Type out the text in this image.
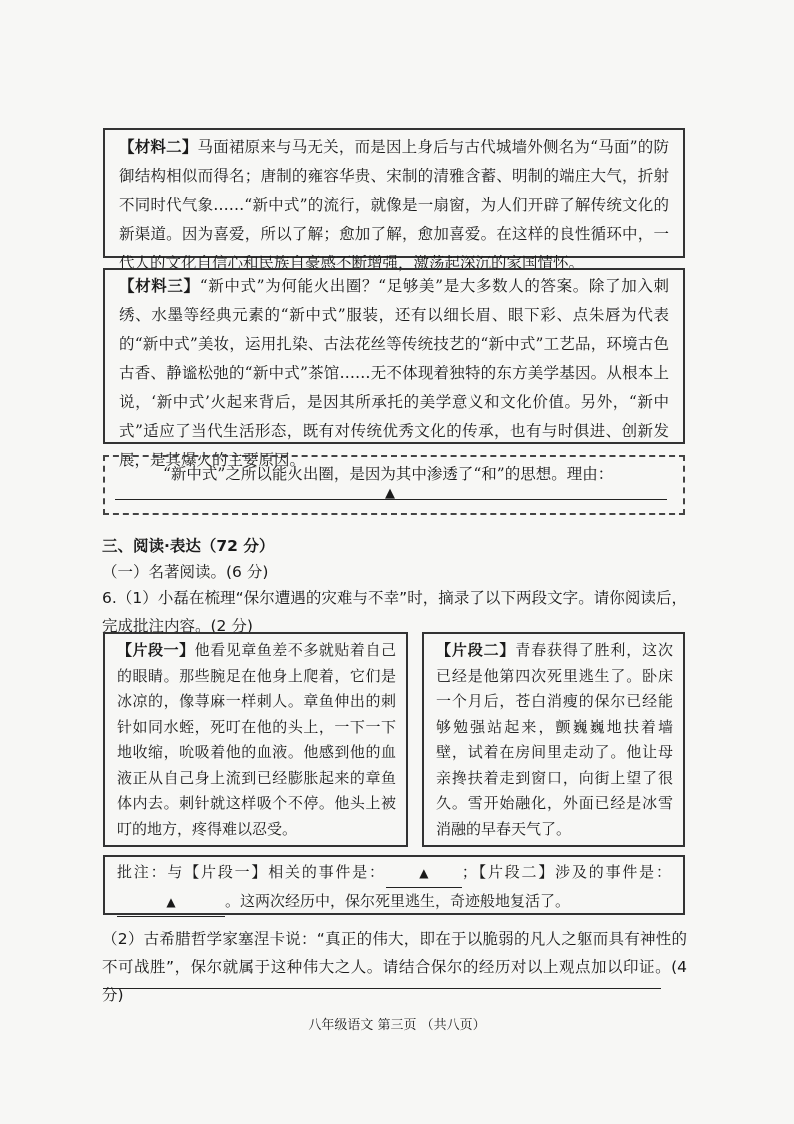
【材料二】马面裙原来与马无关，而是因上身后与古代城墙外侧名为“马面”的防御结构相似而得名；唐制的雍容华贵、宋制的清雅含蓄、明制的端庄大气，折射不同时代气象……“新中式”的流行，就像是一扇窗，为人们开辟了解传统文化的新渠道。因为喜爱，所以了解；愈加了解，愈加喜爱。在这样的良性循环中，一代人的文化自信心和民族自豪感不断增强，激荡起深沉的家国情怀。

【材料三】“新中式”为何能火出圈？“足够美”是大多数人的答案。除了加入刺绣、水墨等经典元素的“新中式”服装，还有以细长眉、眼下彩、点朱唇为代表的“新中式”美妆，运用扎染、古法花丝等传统技艺的“新中式”工艺品，环境古色古香、静谧松弛的“新中式”茶馆……无不体现着独特的东方美学基因。从根本上说，‘新中式’火起来背后，是因其所承托的美学意义和文化价值。另外，“新中式”适应了当代生活形态，既有对传统优秀文化的传承，也有与时俱进、创新发展，是其爆火的主要原因。

“新中式”之所以能火出圈，是因为其中渗透了“和”的思想。理由：

▲
三、阅读·表达（72 分）
（一）名著阅读。(6 分)
6.（1）小磊在梳理“保尔遭遇的灾难与不幸”时，摘录了以下两段文字。请你阅读后，完成批注内容。(2 分)

【片段一】他看见章鱼差不多就贴着自己的眼睛。那些腕足在他身上爬着，它们是冰凉的，像荨麻一样刺人。章鱼伸出的刺针如同水蛭，死叮在他的头上，一下一下地收缩，吮吸着他的血液。他感到他的血液正从自己身上流到已经膨胀起来的章鱼体内去。刺针就这样吸个不停。他头上被叮的地方，疼得难以忍受。

【片段二】青春获得了胜利，这次已经是他第四次死里逃生了。卧床一个月后，苍白消瘦的保尔已经能够勉强站起来，颤巍巍地扶着墙壁，试着在房间里走动了。他让母亲搀扶着走到窗口，向街上望了很久。雪开始融化，外面已经是冰雪消融的早春天气了。

批注：与【片段一】相关的事件是：	▲ ；【片段二】涉及的事件是：▲	。这两次经历中，保尔死里逃生，奇迹般地复活了。

（2）古希腊哲学家塞涅卡说：“真正的伟大，即在于以脆弱的凡人之躯而具有神性的不可战胜”，保尔就属于这种伟大之人。请结合保尔的经历对以上观点加以印证。(4 分)
八年级语文 第三页 （共八页）
